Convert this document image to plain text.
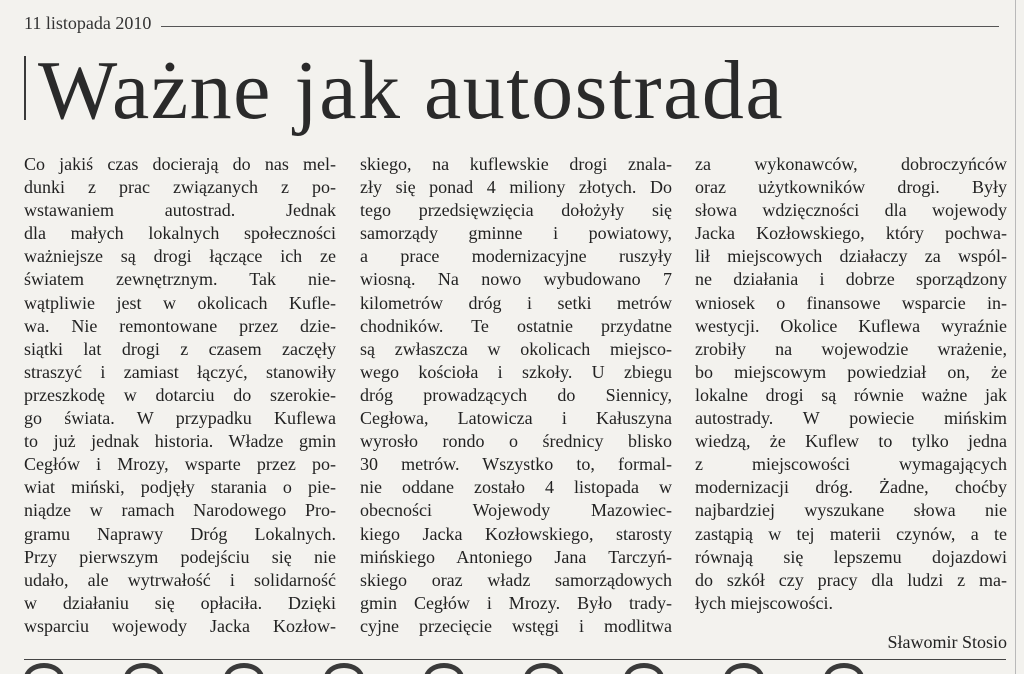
11 listopada 2010
Ważne jak autostrada
Co jakiś czas docierają do nas mel-
dunki z prac związanych z po-
wstawaniem autostrad. Jednak
dla małych lokalnych społeczności
ważniejsze są drogi łączące ich ze
światem zewnętrznym. Tak nie-
wątpliwie jest w okolicach Kuflе-
wa. Nie remontowane przez dzie-
siątki lat drogi z czasem zaczęły
straszyć i zamiast łączyć, stanowiły
przeszkodę w dotarciu do szerokie-
go świata. W przypadku Kuflewa
to już jednak historia. Władze gmin
Cegłów i Mrozy, wsparte przez po-
wiat miński, podjęły starania o pie-
niądze w ramach Narodowego Pro-
gramu Naprawy Dróg Lokalnych.
Przy pierwszym podejściu się nie
udało, ale wytrwałość i solidarność
w działaniu się opłaciła. Dzięki
wsparciu wojewody Jacka Kozłow-
skiego, na kuflewskie drogi znala-
zły się ponad 4 miliony złotych. Do
tego przedsięwzięcia dołożyły się
samorządy gminne i powiatowy,
a prace modernizacyjne ruszyły
wiosną. Na nowo wybudowano 7
kilometrów dróg i setki metrów
chodników. Te ostatnie przydatne
są zwłaszcza w okolicach miejsco-
wego kościoła i szkoły. U zbiegu
dróg prowadzących do Siennicy,
Cegłowa, Latowicza i Kałuszyna
wyrosło rondo o średnicy blisko
30 metrów. Wszystko to, formal-
nie oddane zostało 4 listopada w
obecności Wojewody Mazowiec-
kiego Jacka Kozłowskiego, starosty
mińskiego Antoniego Jana Tarczyń-
skiego oraz władz samorządowych
gmin Cegłów i Mrozy. Było trady-
cyjne przecięcie wstęgi i modlitwa
za wykonawców, dobroczyńców
oraz użytkowników drogi. Były
słowa wdzięczności dla wojewody
Jacka Kozłowskiego, który pochwa-
lił miejscowych działaczy za wspól-
ne działania i dobrze sporządzony
wniosek o finansowe wsparcie in-
westycji. Okolice Kuflewa wyraźnie
zrobiły na wojewodzie wrażenie,
bo miejscowym powiedział on, że
lokalne drogi są równie ważne jak
autostrady. W powiecie mińskim
wiedzą, że Kuflew to tylko jedna
z miejscowości wymagających
modernizacji dróg. Żadne, choćby
najbardziej wyszukane słowa nie
zastąpią w tej materii czynów, a te
równają się lepszemu dojazdowi
do szkół czy pracy dla ludzi z ma-
łych miejscowości.
Sławomir Stosio
